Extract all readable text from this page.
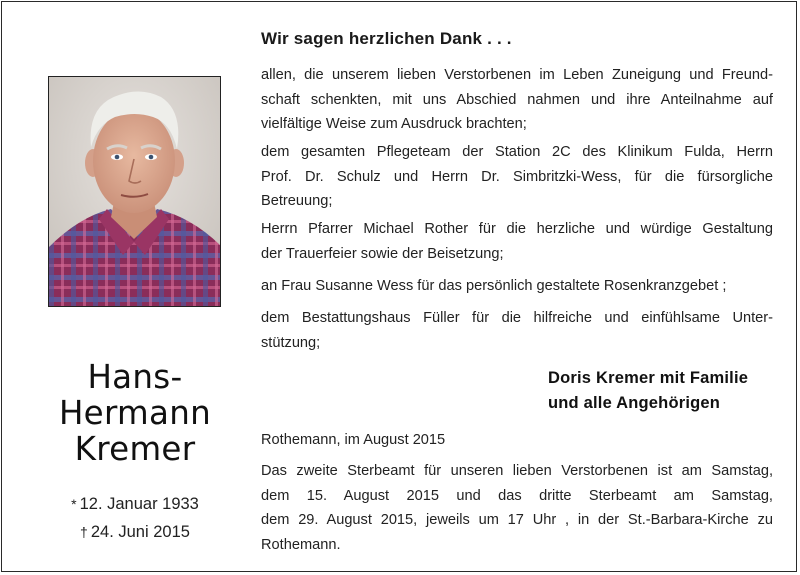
Hans-
Hermann
Kremer
* 12. Januar 1933
† 24. Juni 2015
Wir sagen herzlichen Dank . . .
allen, die unserem lieben Verstorbenen im Leben Zuneigung und Freund-
schaft schenkten, mit uns Abschied nahmen und ihre Anteilnahme auf
vielfältige Weise zum Ausdruck brachten;
dem gesamten Pflegeteam der Station 2C des Klinikum Fulda, Herrn
Prof. Dr. Schulz und Herrn Dr. Simbritzki-Wess, für die fürsorgliche
Betreuung;
Herrn Pfarrer Michael Rother für die herzliche und würdige Gestaltung
der Trauerfeier sowie der Beisetzung;
an Frau Susanne Wess für das persönlich gestaltete Rosenkranzgebet ;
dem Bestattungshaus Füller für die hilfreiche und einfühlsame Unter-
stützung;
Doris Kremer mit Familie
und alle Angehörigen
Rothemann, im August 2015
Das zweite Sterbeamt für unseren lieben Verstorbenen ist am Samstag,
dem 15. August 2015 und das dritte Sterbeamt am Samstag,
dem 29. August 2015, jeweils um 17 Uhr , in der St.-Barbara-Kirche zu
Rothemann.
